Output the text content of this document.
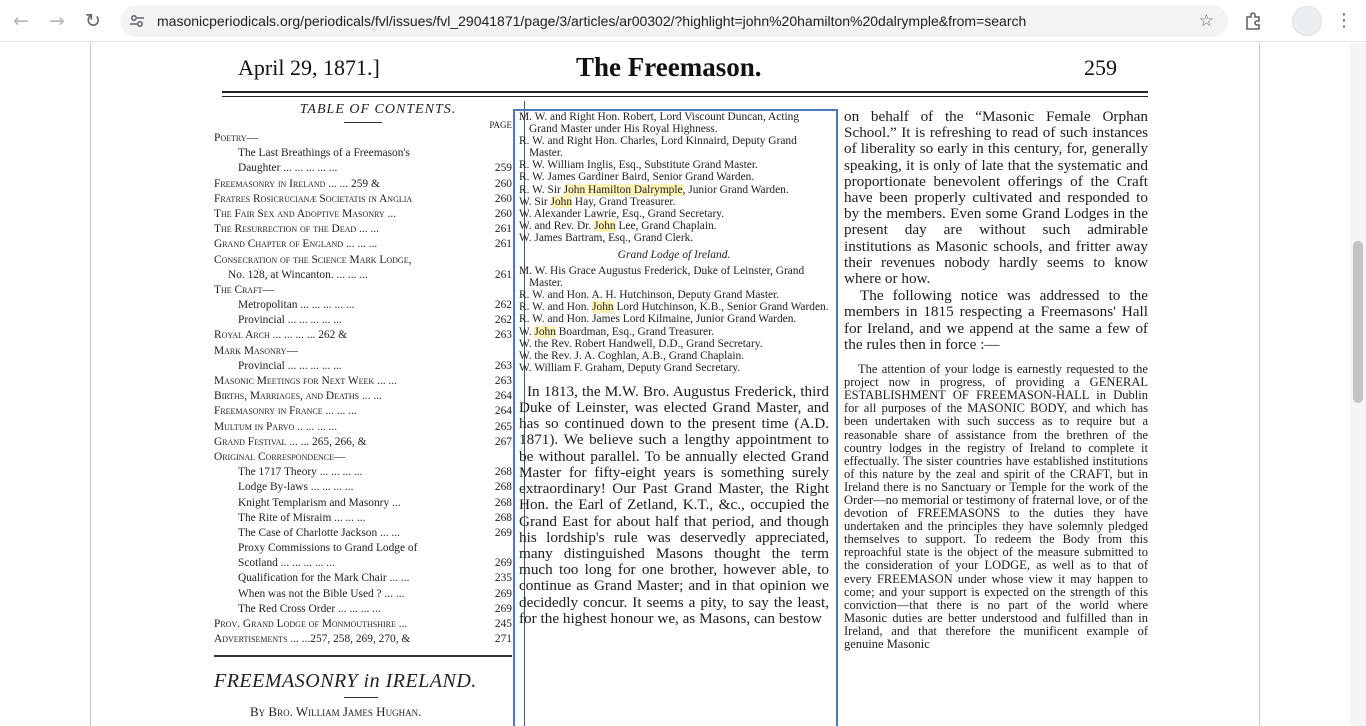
← → ↻	masonicperiodicals.org/periodicals/fvl/issues/fvl_29041871/page/3/articles/ar00302/?highlight=john%20hamilton%20dalrymple&from=search	☆	⋮
April 29, 1871.]	The Freemason.	259
TABLE OF CONTENTS.
PAGE
Poetry—
The Last Breathings of a Freemason's
Daughter ... ... ... ... ...	259
Freemasonry in Ireland ... ... 259 &	260
Fratres Rosicrucianæ Societatis in Anglia	260
The Fair Sex and Adoptive Masonry ...	260
The Resurrection of the Dead ... ...	261
Grand Chapter of England ... ... ...	261
Consecration of the Science Mark Lodge,
No. 128, at Wincanton. ... ... ...	261
The Craft—
Metropolitan ... ... ... ... ...	262
Provincial ... ... ... ... ...	262
Royal Arch ... ... ... ... 262 &	263
Mark Masonry—
Provincial ... ... ... ... ...	263
Masonic Meetings for Next Week ... ...	263
Births, Marriages, and Deaths ... ...	264
Freemasonry in France ... ... ...	264
Multum in Parvo .. ... ... ...	265
Grand Festival ... ... 265, 266, &	267
Original Correspondence—
The 1717 Theory ... ... ... ...	268
Lodge By-laws ... ... ... ...	268
Knight Templarism and Masonry ...	268
The Rite of Misraim ... ... ...	268
The Case of Charlotte Jackson ... ...	269
Proxy Commissions to Grand Lodge of
Scotland ... ... ... ... ...	269
Qualification for the Mark Chair ... ...	235
When was not the Bible Used ? ... ...	269
The Red Cross Order ... ... ... ...	269
Prov. Grand Lodge of Monmouthshire ...	245
Advertisements ... ...257, 258, 269, 270, &	271
FREEMASONRY in IRELAND.
By Bro. William James Hughan.
M. W. and Right Hon. Robert, Lord Viscount Duncan, Acting Grand Master under His Royal Highness.
R. W. and Right Hon. Charles, Lord Kinnaird, Deputy Grand Master.
R. W. William Inglis, Esq., Substitute Grand Master.
R. W. James Gardiner Baird, Senior Grand Warden.
R. W. Sir John Hamilton Dalrymple, Junior Grand Warden.
W. Sir John Hay, Grand Treasurer.
W. Alexander Lawrie, Esq., Grand Secretary.
W. and Rev. Dr. John Lee, Grand Chaplain.
W. James Bartram, Esq., Grand Clerk.
Grand Lodge of Ireland.
M. W. His Grace Augustus Frederick, Duke of Leinster, Grand Master.
R. W. and Hon. A. H. Hutchinson, Deputy Grand Master.
R. W. and Hon. John Lord Hutchinson, K.B., Senior Grand Warden.
R. W. and Hon. James Lord Kilmaine, Junior Grand Warden.
W. John Boardman, Esq., Grand Treasurer.
W. the Rev. Robert Handwell, D.D., Grand Secretary.
W. the Rev. J. A. Coghlan, A.B., Grand Chaplain.
W. William F. Graham, Deputy Grand Secretary.
In 1813, the M.W. Bro. Augustus Frederick, third Duke of Leinster, was elected Grand Master, and has so continued down to the present time (A.D. 1871). We believe such a lengthy appointment to be without parallel. To be annually elected Grand Master for fifty-eight years is something surely extraordinary! Our Past Grand Master, the Right Hon. the Earl of Zetland, K.T., &c., occupied the Grand East for about half that period, and though his lordship's rule was deservedly appreciated, many distinguished Masons thought the term much too long for one brother, however able, to continue as Grand Master; and in that opinion we decidedly concur. It seems a pity, to say the least, for the highest honour we, as Masons, can bestow
on behalf of the “Masonic Female Orphan School.” It is refreshing to read of such instances of liberality so early in this century, for, generally speaking, it is only of late that the systematic and proportionate benevolent offerings of the Craft have been properly cultivated and responded to by the members. Even some Grand Lodges in the present day are without such admirable institutions as Masonic schools, and fritter away their revenues nobody hardly seems to know where or how.
The following notice was addressed to the members in 1815 respecting a Freemasons' Hall for Ireland, and we append at the same a few of the rules then in force :—
The attention of your lodge is earnestly requested to the project now in progress, of providing a GENERAL ESTABLISHMENT OF FREEMASON-HALL in Dublin for all purposes of the MASONIC BODY, and which has been undertaken with such success as to require but a reasonable share of assistance from the brethren of the country lodges in the registry of Ireland to complete it effectually. The sister countries have established institutions of this nature by the zeal and spirit of the CRAFT, but in Ireland there is no Sanctuary or Temple for the work of the Order—no memorial or testimony of fraternal love, or of the devotion of FREEMASONS to the duties they have undertaken and the principles they have solemnly pledged themselves to support. To redeem the Body from this reproachful state is the object of the measure submitted to the consideration of your LODGE, as well as to that of every FREEMASON under whose view it may happen to come; and your support is expected on the strength of this conviction—that there is no part of the world where Masonic duties are better understood and fulfilled than in Ireland, and that therefore the munificent example of genuine Masonic
